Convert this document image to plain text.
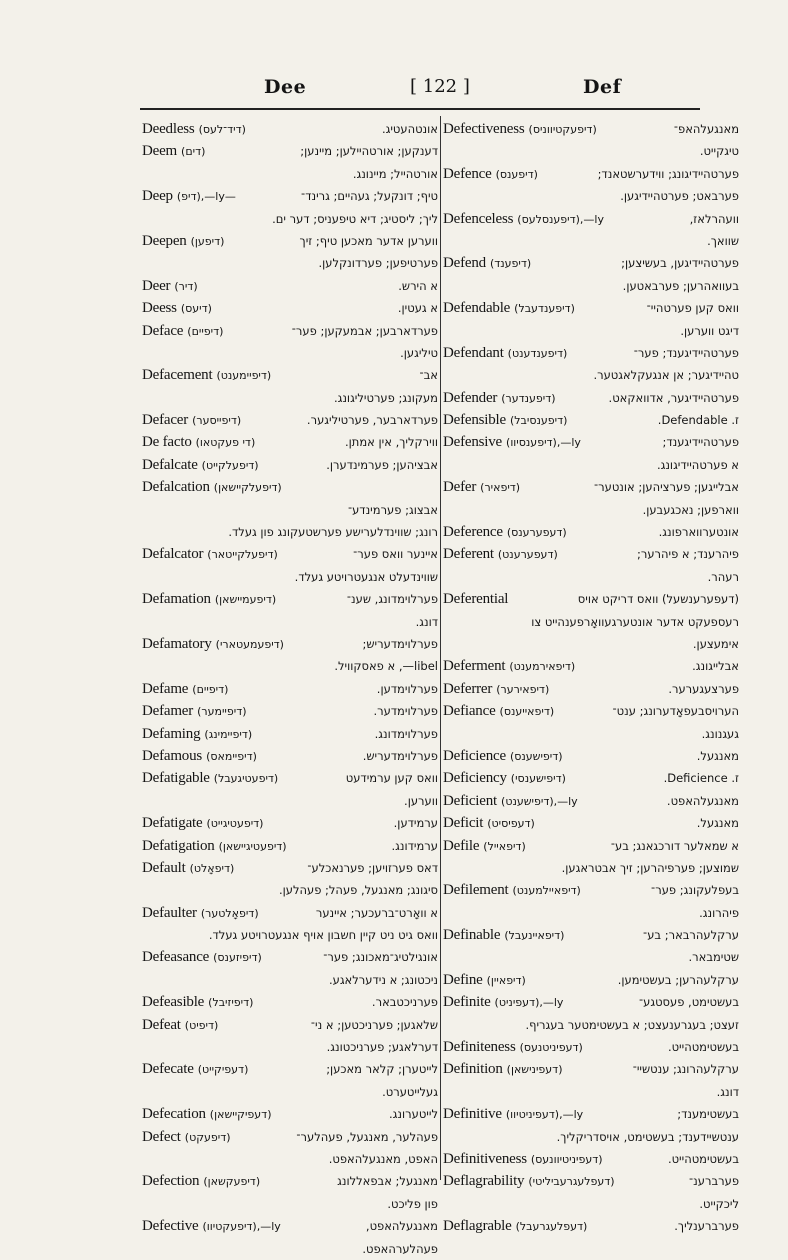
Dee	[ 122 ]	Def
Deedless (דיד־לעס)	אונטהעטיג.
Deem (דים)	דענקען; אורטהיילען; מיינען;
אורטהייל; מיינונג.
Deep (דיפ),—ly—	טיף; דונקעל; געהיים; גרינד־
ליך; ליסטיג; דיא טיפעניס; דער ים.
Deepen (דיפען)	ווערען אדער מאכען טיף; זיך
פערטיפען; פערדונקלען.
Deer (דיר)	א הירש.
Deess (דיעס)	א געטין.
Deface (דיפיים)	פערדארבען; אבמעקען; פער־
טיליגען.
Defacement (דיפיימענט)	אב־
מעקונג; פערטיליגונג.
Defacer (דיפייסער)	פערדארבער, פערטיליגער.
De facto (די פעקטאו)	ווירקליך, אין אמתן.
Defalcate (דיפעלקייט)	אבציהען; פערמינדערן.
Defalcation (דיפעלקיישאן)
אבצוג; פערמינדע־
רונג; שווינדלערישע פערשטעקונג פון געלד.
Defalcator (דיפעלקייטאר)	איינער וואס פער־
שווינדעלט אנגעטרויטע געלד.
Defamation (דיפעמיישאן)	פערלוימדונג, שענ־
דונג.
Defamatory (דיפעמעטארי)	פערלוימדעריש;
libel—, א פאסקוויל.
Defame (דיפיים)	פערלוימדען.
Defamer (דיפיימער)	פערלוימדער.
Defaming (דיפיימינג)	פערלוימדונג.
Defamous (דיפיימאס)	פערלוימדעריש.
Defatigable (דיפעטיגעבל)	וואס קען ערמידעט
ווערען.
Defatigate (דיפעטיגייט)	ערמידען.
Defatigation (דיפעטיגיישאן)	ערמידונג.
Default (דיפאָלט)	דאס פערזויען; פערנאכלע־
סיגונג; מאנגעל, פעהל; פעהלען.
Defaulter (דיפאָלטער)	א וואָרט־ברעכער; איינער
וואס גיט ניט קיין חשבון אויף אנגעטרויטע געלד.
Defeasance (דיפיזענס)	אונגילטיג־מאכונג; פער־
ניכטונג; א נידערלאגע.
Defeasible (דיפיזיבל)	פערניכטבאר.
Defeat (דיפיט)	שלאגען; פערניכטען; א ני־
דערלאגע; פערניכטונג.
Defecate (דעפיקייט)	לייטערן; קלאר מאכען;
געלייטערט.
Defecation (דעפיקיישאן)	לייטערונג.
Defect (דיפעקט)	פעהלער, מאנגעל, פעהלער־
האפט, מאנגעלהאפט.
Defection (דיפעקשאן)	מאנגעל; אבפאללונג
פון פליכט.
Defective (דיפעקטיוו),—ly	מאנגעלהאפט,
פעהלערהאפט.
Defectiveness (דיפעקטיווניס)	מאנגעלהאפ־
טיגקייט.
Defence (דיפענס)	פערטהיידיגונג; ווידערשטאנד;
פערבאט; פערטהיידיגען.
Defenceless (דיפענסלעס),—ly	וועהרלאז,
שוואך.
Defend (דיפענד)	פערטהיידיגען, בעשיצען;
בעוואהרען; פערבאטען.
Defendable (דיפענדעבל)	וואס קען פערטהיי־
דיגט ווערען.
Defendant (דיפענדענט)	פערטהיידיגענד; פער־
טהיידיגער; אן אנגעקלאגטער.
Defender (דיפענדער)	פערטהיידיגער, אדוואקאט.
Defensible (דיפענסיבל)	ז. Defendable.
Defensive (דיפענסיוו),—ly	פערטהיידיגענד;
א פערטהיידיגונג.
Defer (דיפאיר)	אבלייגען; פערציהען; אונטער־
ווארפען; נאכגעבען.
Deference (דעפערענס)	אונטערווארפונג.
Deferent (דעפערענט)	פיהרענד; א פיהרער;
רעהר.
Deferential	(דעפערענשעל) וואס דריקט אויס
רעספעקט אדער אונטערגעוואָרפענהייט צו
אימעצען.
Deferment (דיפאירמענט)	אבלייגונג.
Deferrer (דיפאירער)	פערצעגערער.
Defiance (דיפאייענס)	הערויסבעפאָדערונג; ענט־
געגנונג.
Deficience (דיפישענס)	מאנגעל.
Deficiency (דיפישענסי)	ז. Deficience.
Deficient (דיפישענט),—ly	מאנגעלהאפט.
Deficit (דעפיסיט)	מאנגעל.
Defile (דיפאייל)	א שמאלער דורכגאנג; בע־
שמוצען; פערפיהרען; זיך אבטראגען.
Defilement (דיפאיילמענט)	בעפלעקונג; פער־
פיהרונג.
Definable (דיפאיינעבל)	ערקלעהרבאר; בע־
שטימבאר.
Define (דיפאיין)	ערקלעהרען; בעשטימען.
Definite (דעפיניט),—ly	בעשטימט, פעסטגע־
זעצט; בעגרענעצט; א בעשטימטער בעגריף.
Definiteness (דעפיניטנעס)	בעשטימטהייט.
Definition (דעפינישאן)	ערקלעהרונג; ענטשיי־
דונג.
Definitive (דעפיניטיוו),—ly	בעשטימענד;
ענטשיידענד; בעשטימט, אויסדריקליך.
Definitiveness (דעפיניטיוונעס)	בעשטימטהייט.
Deflagrability (דעפלעגרעביליטי)	פערברענ־
ליכקייט.
Deflagrable (דעפלעגרעבל)	פערברענליך.
